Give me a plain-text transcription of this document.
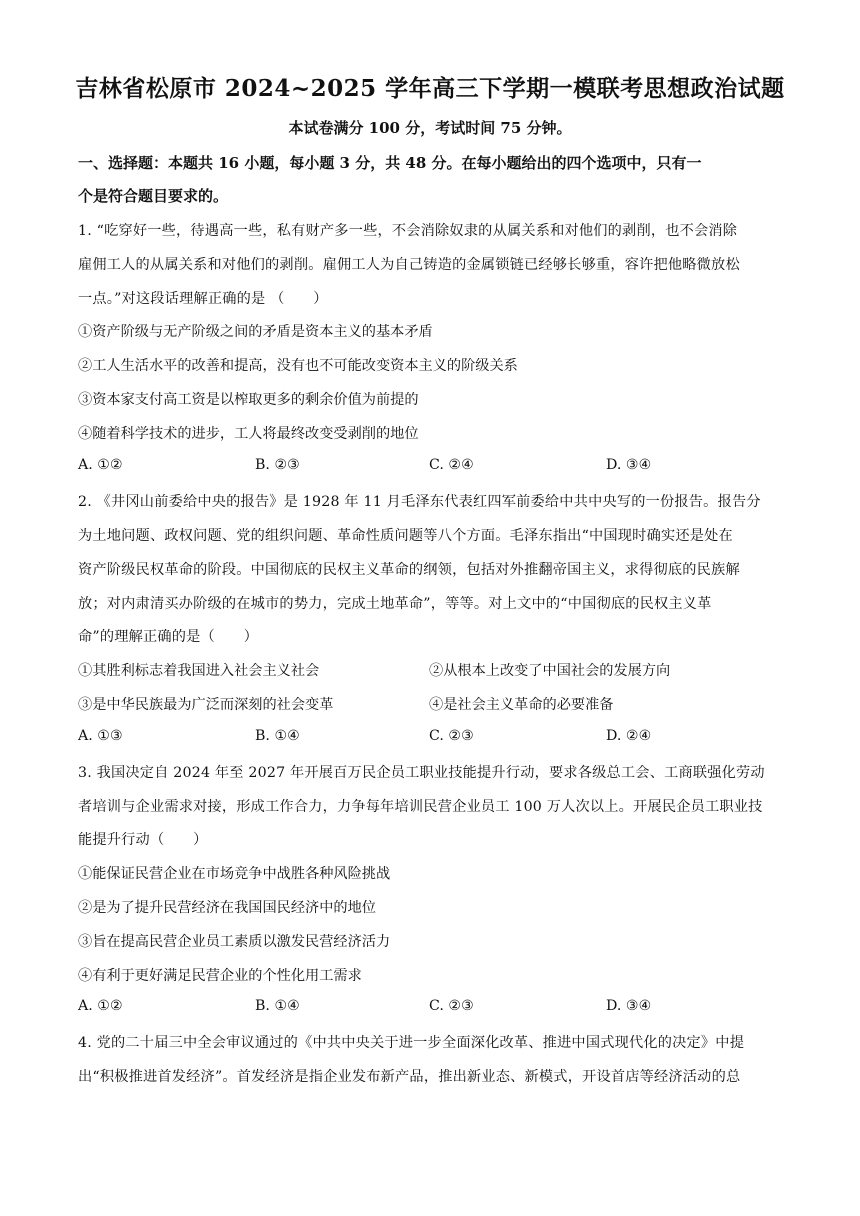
吉林省松原市 2024~2025 学年高三下学期一模联考思想政治试题
本试卷满分 100 分，考试时间 75 分钟。
一、选择题：本题共 16 小题，每小题 3 分，共 48 分。在每小题给出的四个选项中，只有一
个是符合题目要求的。
1. “吃穿好一些，待遇高一些，私有财产多一些，不会消除奴隶的从属关系和对他们的剥削，也不会消除
雇佣工人的从属关系和对他们的剥削。雇佣工人为自己铸造的金属锁链已经够长够重，容许把他略微放松
一点。”对这段话理解正确的是 （　　）
①资产阶级与无产阶级之间的矛盾是资本主义的基本矛盾
②工人生活水平的改善和提高，没有也不可能改变资本主义的阶级关系
③资本家支付高工资是以榨取更多的剩余价值为前提的
④随着科学技术的进步，工人将最终改变受剥削的地位
A. ①②	B. ②③	C. ②④	D. ③④
2. 《井冈山前委给中央的报告》是 1928 年 11 月毛泽东代表红四军前委给中共中央写的一份报告。报告分
为土地问题、政权问题、党的组织问题、革命性质问题等八个方面。毛泽东指出“中国现时确实还是处在
资产阶级民权革命的阶段。中国彻底的民权主义革命的纲领，包括对外推翻帝国主义，求得彻底的民族解
放；对内肃清买办阶级的在城市的势力，完成土地革命”，等等。对上文中的“中国彻底的民权主义革
命”的理解正确的是（　　）
①其胜利标志着我国进入社会主义社会	②从根本上改变了中国社会的发展方向
③是中华民族最为广泛而深刻的社会变革	④是社会主义革命的必要准备
A. ①③	B. ①④	C. ②③	D. ②④
3. 我国决定自 2024 年至 2027 年开展百万民企员工职业技能提升行动，要求各级总工会、工商联强化劳动
者培训与企业需求对接，形成工作合力，力争每年培训民营企业员工 100 万人次以上。开展民企员工职业技
能提升行动（　　）
①能保证民营企业在市场竞争中战胜各种风险挑战
②是为了提升民营经济在我国国民经济中的地位
③旨在提高民营企业员工素质以激发民营经济活力
④有利于更好满足民营企业的个性化用工需求
A. ①②	B. ①④	C. ②③	D. ③④
4. 党的二十届三中全会审议通过的《中共中央关于进一步全面深化改革、推进中国式现代化的决定》中提
出“积极推进首发经济”。首发经济是指企业发布新产品，推出新业态、新模式，开设首店等经济活动的总
